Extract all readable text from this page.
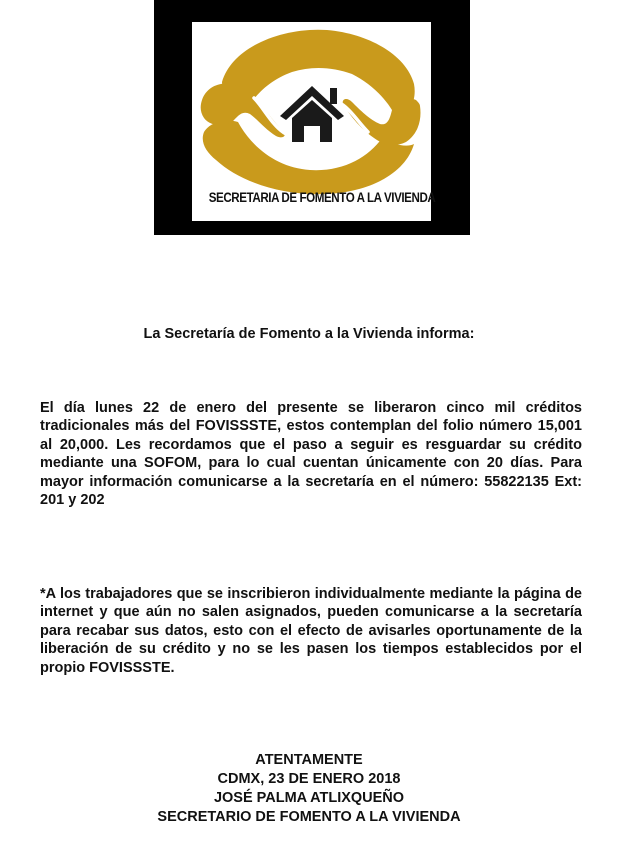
SECRETARIA DE FOMENTO A LA VIVIENDA

La Secretaría de Fomento a la Vivienda informa:

El día lunes 22 de enero del presente se liberaron cinco mil créditos tradicionales más del FOVISSSTE, estos contemplan del folio número 15,001 al 20,000. Les recordamos que el paso a seguir es resguardar su crédito mediante una SOFOM, para lo cual cuentan únicamente con 20 días. Para mayor información comunicarse a la secretaría en el número: 55822135 Ext: 201 y 202

*A los trabajadores que se inscribieron individualmente mediante la página de internet y que aún no salen asignados, pueden comunicarse a la secretaría para recabar sus datos, esto con el efecto de avisarles oportunamente de la liberación de su crédito y no se les pasen los tiempos establecidos por el propio FOVISSSTE.

ATENTAMENTE
CDMX, 23 DE ENERO 2018
JOSÉ PALMA ATLIXQUEÑO
SECRETARIO DE FOMENTO A LA VIVIENDA
